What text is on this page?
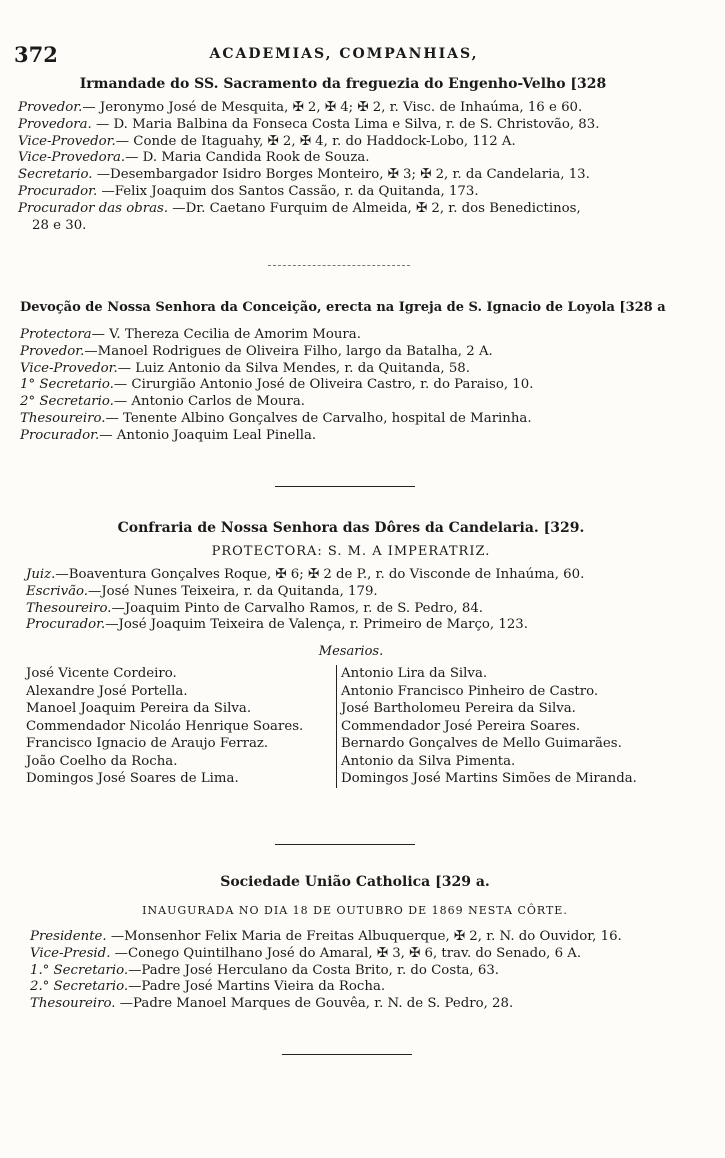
372	ACADEMIAS, COMPANHIAS,

Irmandade do SS. Sacramento da freguezia do Engenho-Velho [328

Provedor.— Jeronymo José de Mesquita, ✠ 2, ✠ 4; ✠ 2, r. Visc. de Inhaúma, 16 e 60.

Provedora. — D. Maria Balbina da Fonseca Costa Lima e Silva, r. de S. Christovão, 83.

Vice-Provedor.— Conde de Itaguahy, ✠ 2, ✠ 4, r. do Haddock-Lobo, 112 A.

Vice-Provedora.— D. Maria Candida Rook de Souza.

Secretario. —Desembargador Isidro Borges Monteiro, ✠ 3; ✠ 2, r. da Candelaria, 13.

Procurador. —Felix Joaquim dos Santos Cassão, r. da Quitanda, 173.

Procurador das obras. —Dr. Caetano Furquim de Almeida, ✠ 2, r. dos Benedictinos,

28 e 30.

Devoção de Nossa Senhora da Conceição, erecta na Igreja de S. Ignacio de Loyola [328 a

Protectora— V. Thereza Cecilia de Amorim Moura.

Provedor.—Manoel Rodrigues de Oliveira Filho, largo da Batalha, 2 A.

Vice-Provedor.— Luiz Antonio da Silva Mendes, r. da Quitanda, 58.

1° Secretario.— Cirurgião Antonio José de Oliveira Castro, r. do Paraiso, 10.

2° Secretario.— Antonio Carlos de Moura.

Thesoureiro.— Tenente Albino Gonçalves de Carvalho, hospital de Marinha.

Procurador.— Antonio Joaquim Leal Pinella.

Confraria de Nossa Senhora das Dôres da Candelaria. [329.

PROTECTORA: S. M. A IMPERATRIZ.

Juiz.—Boaventura Gonçalves Roque, ✠ 6; ✠ 2 de P., r. do Visconde de Inhaúma, 60.

Escrivão.—José Nunes Teixeira, r. da Quitanda, 179.

Thesoureiro.—Joaquim Pinto de Carvalho Ramos, r. de S. Pedro, 84.

Procurador.—José Joaquim Teixeira de Valença, r. Primeiro de Março, 123.

Mesarios.

José Vicente Cordeiro.
Alexandre José Portella.
Manoel Joaquim Pereira da Silva.
Commendador Nicoláo Henrique Soares.
Francisco Ignacio de Araujo Ferraz.
João Coelho da Rocha.
Domingos José Soares de Lima.
Antonio Lira da Silva.
Antonio Francisco Pinheiro de Castro.
José Bartholomeu Pereira da Silva.
Commendador José Pereira Soares.
Bernardo Gonçalves de Mello Guimarães.
Antonio da Silva Pimenta.
Domingos José Martins Simões de Miranda.

Sociedade União Catholica [329 a.

INAUGURADA NO DIA 18 DE OUTUBRO DE 1869 NESTA CÔRTE.

Presidente. —Monsenhor Felix Maria de Freitas Albuquerque, ✠ 2, r. N. do Ouvidor, 16.

Vice-Presid. —Conego Quintilhano José do Amaral, ✠ 3, ✠ 6, trav. do Senado, 6 A.

1.° Secretario.—Padre José Herculano da Costa Brito, r. do Costa, 63.

2.° Secretario.—Padre José Martins Vieira da Rocha.

Thesoureiro. —Padre Manoel Marques de Gouvêa, r. N. de S. Pedro, 28.
